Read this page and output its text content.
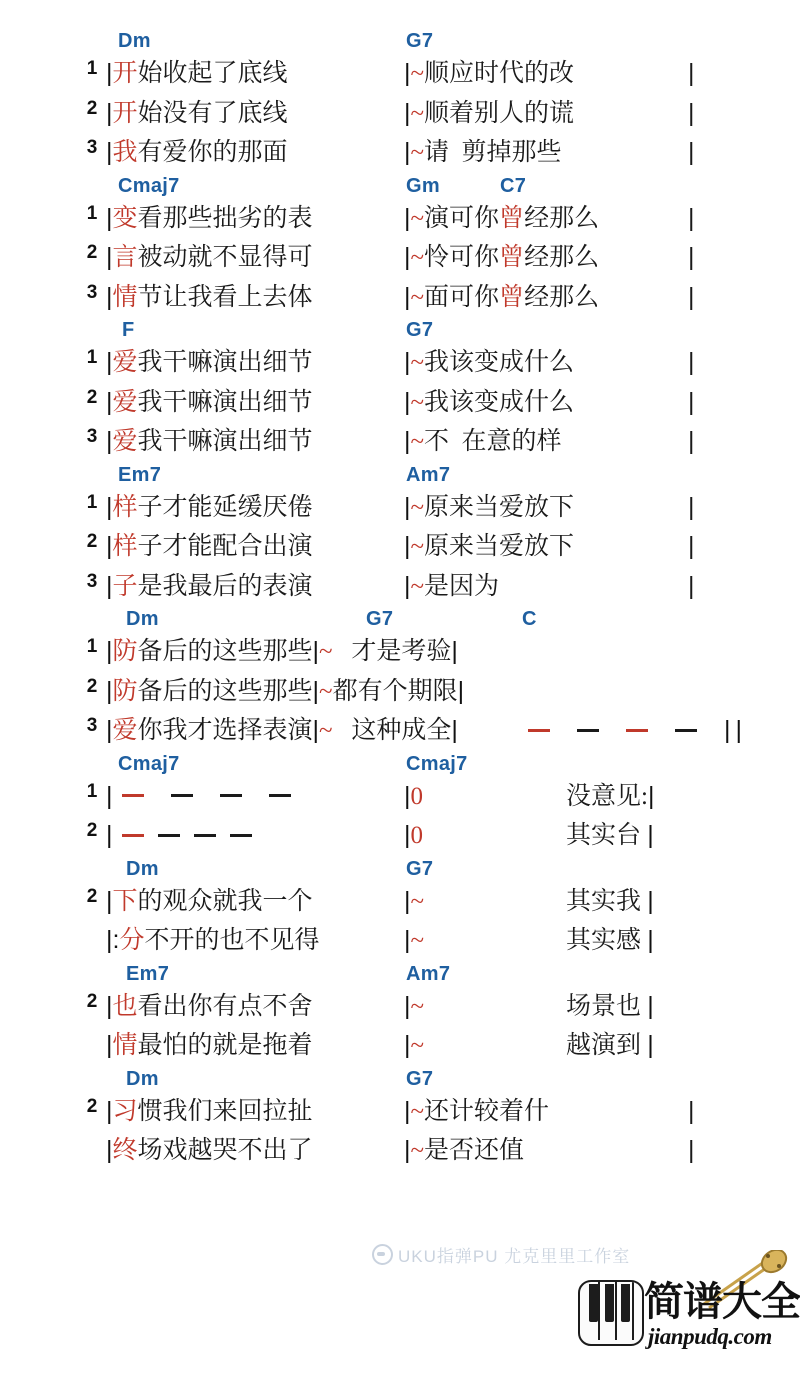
Dm	G7
1 |开始收起了底线	|~顺应时代的改	|
2 |开始没有了底线	|~顺着别人的谎	|
3 |我有爱你的那面	|~请  剪掉那些	|
Cmaj7	Gm	C7
1 |变看那些拙劣的表	|~演可你曾经那么	|
2 |言被动就不显得可	|~怜可你曾经那么	|
3 |情节让我看上去体	|~面可你曾经那么	|
F	G7
1 |爱我干嘛演出细节	|~我该变成什么	|
2 |爱我干嘛演出细节	|~我该变成什么	|
3 |爱我干嘛演出细节	|~不  在意的样	|
Em7	Am7
1 |样子才能延缓厌倦	|~原来当爱放下	|
2 |样子才能配合出演	|~原来当爱放下	|
3 |子是我最后的表演	|~是因为	|
Dm	G7	C
1 |防备后的这些那些|~   才是考验|
2 |防备后的这些那些|~都有个期限|
3 |爱你我才选择表演|~   这种成全|	||
Cmaj7	Cmaj7
1 |	|0	没意见:|
2 |	|0	其实台 |
Dm	G7
2 |下的观众就我一个	|~	其实我 |
|:分不开的也不见得	|~	其实感 |
Em7	Am7
2 |也看出你有点不舍	|~	场景也 |
|情最怕的就是拖着	|~	越演到 |
Dm	G7
2 |习惯我们来回拉扯	|~还计较着什	|
|终场戏越哭不出了	|~是否还值	|
UKU指弹PU 尤克里里工作室
简谱大全
jianpudq.com
